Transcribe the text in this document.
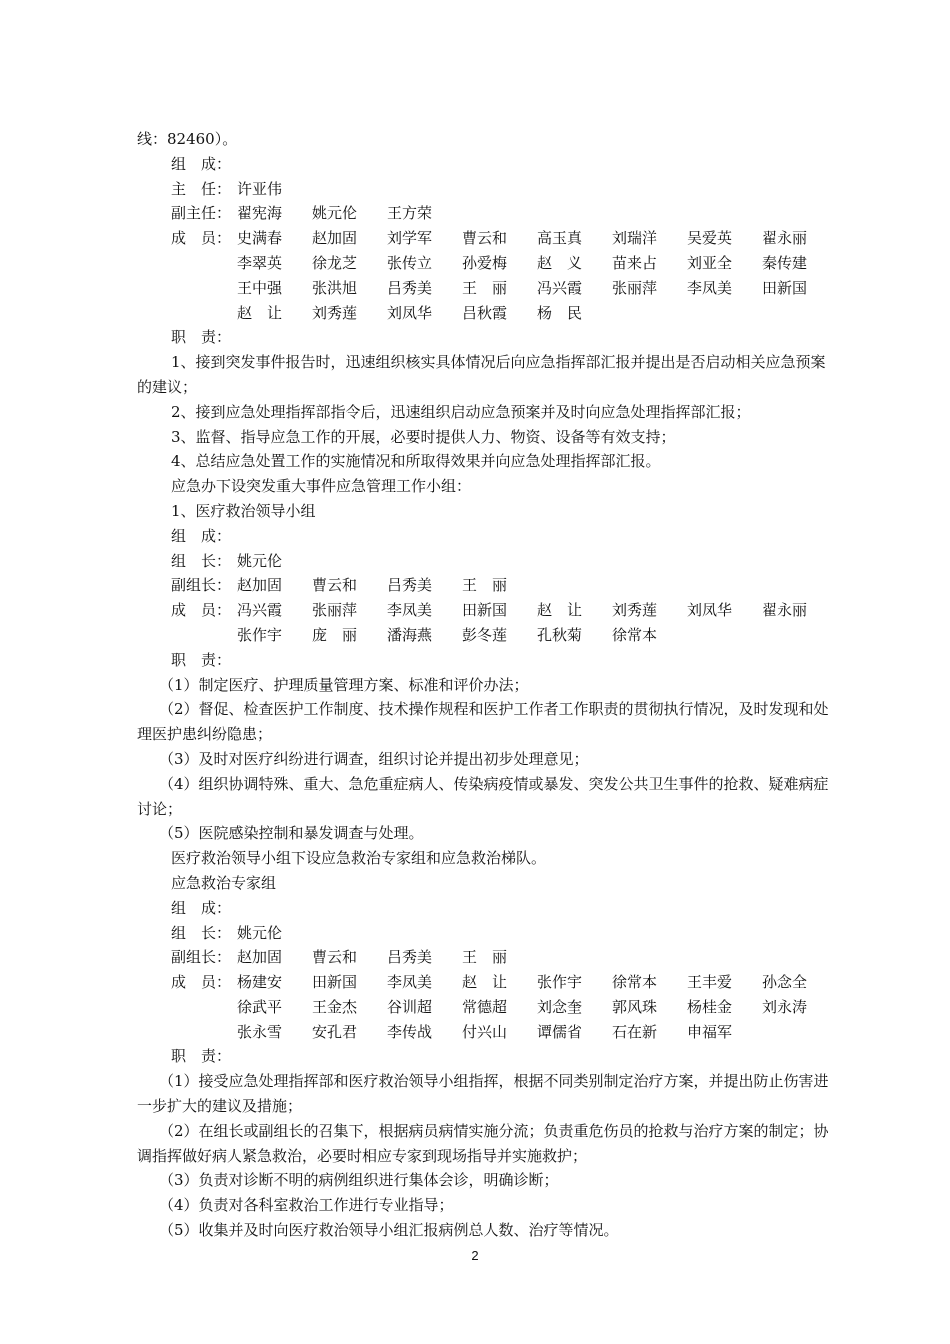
线：82460）。
组　成：
主　任： 许亚伟
副主任： 翟宪海 姚元伦 王方荣
成　员： 史满春 赵加固 刘学军 曹云和 高玉真 刘瑞洋 吴爱英 翟永丽
李翠英 徐龙芝 张传立 孙爱梅 赵　义 苗来占 刘亚全 秦传建
王中强 张洪旭 吕秀美 王　丽 冯兴霞 张丽萍 李凤美 田新国
赵　让 刘秀莲 刘凤华 吕秋霞 杨　民
职　责：
1、接到突发事件报告时，迅速组织核实具体情况后向应急指挥部汇报并提出是否启动相关应急预案的建议；
2、接到应急处理指挥部指令后，迅速组织启动应急预案并及时向应急处理指挥部汇报；
3、监督、指导应急工作的开展，必要时提供人力、物资、设备等有效支持；
4、总结应急处置工作的实施情况和所取得效果并向应急处理指挥部汇报。
应急办下设突发重大事件应急管理工作小组：
1、医疗救治领导小组
组　成：
组　长： 姚元伦
副组长： 赵加固 曹云和 吕秀美 王　丽
成　员： 冯兴霞 张丽萍 李凤美 田新国 赵　让 刘秀莲 刘凤华 翟永丽
张作宇 庞　丽 潘海燕 彭冬莲 孔秋菊 徐常本
职　责：
（1）制定医疗、护理质量管理方案、标准和评价办法；
（2）督促、检查医护工作制度、技术操作规程和医护工作者工作职责的贯彻执行情况，及时发现和处理医护患纠纷隐患；
（3）及时对医疗纠纷进行调查，组织讨论并提出初步处理意见；
（4）组织协调特殊、重大、急危重症病人、传染病疫情或暴发、突发公共卫生事件的抢救、疑难病症讨论；
（5）医院感染控制和暴发调查与处理。
医疗救治领导小组下设应急救治专家组和应急救治梯队。
应急救治专家组
组　成：
组　长： 姚元伦
副组长： 赵加固 曹云和 吕秀美 王　丽
成　员： 杨建安 田新国 李凤美 赵　让 张作宇 徐常本 王丰爱 孙念全
徐武平 王金杰 谷训超 常德超 刘念奎 郭风珠 杨桂金 刘永涛
张永雪 安孔君 李传战 付兴山 谭儒省 石在新 申福军
职　责：
（1）接受应急处理指挥部和医疗救治领导小组指挥，根据不同类别制定治疗方案，并提出防止伤害进一步扩大的建议及措施；
（2）在组长或副组长的召集下，根据病员病情实施分流；负责重危伤员的抢救与治疗方案的制定；协调指挥做好病人紧急救治，必要时相应专家到现场指导并实施救护；
（3）负责对诊断不明的病例组织进行集体会诊，明确诊断；
（4）负责对各科室救治工作进行专业指导；
（5）收集并及时向医疗救治领导小组汇报病例总人数、治疗等情况。
2
